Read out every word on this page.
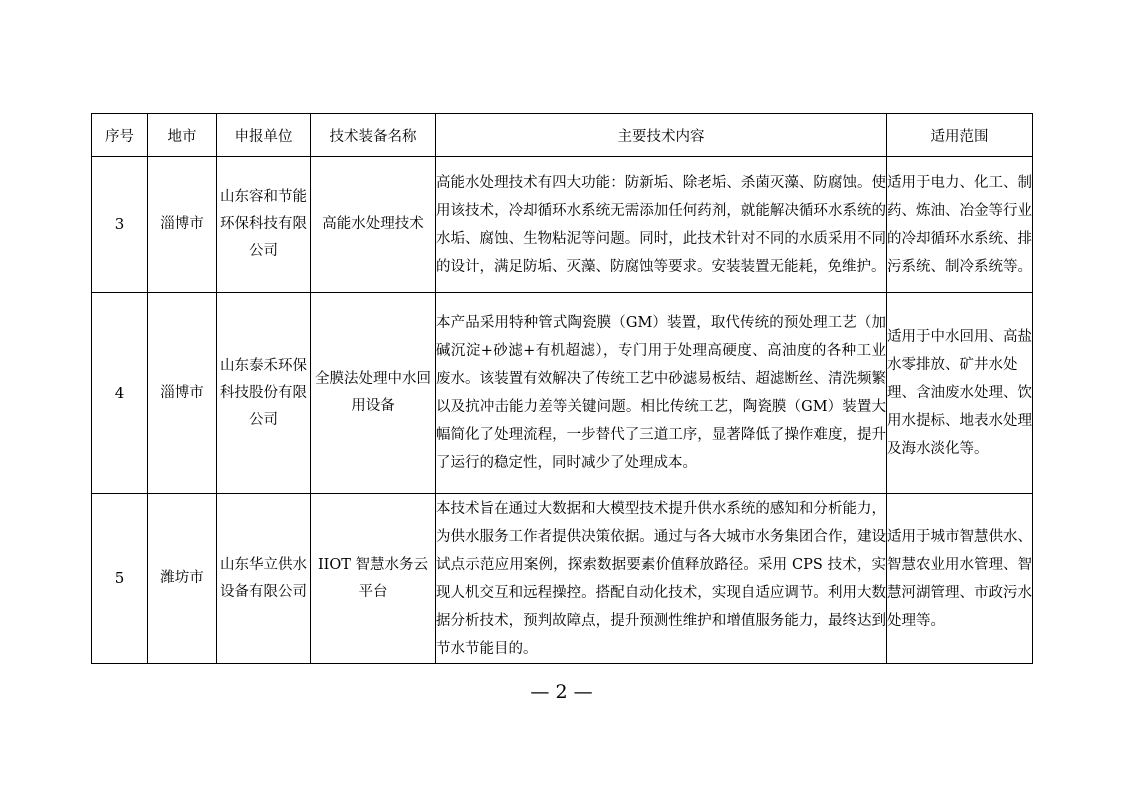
序号	地市	申报单位	技术装备名称	主要技术内容	适用范围
3	淄博市	山东容和节能环保科技有限公司	高能水处理技术	高能水处理技术有四大功能：防新垢、除老垢、杀菌灭藻、防腐蚀。使用该技术，冷却循环水系统无需添加任何药剂，就能解决循环水系统的水垢、腐蚀、生物粘泥等问题。同时，此技术针对不同的水质采用不同的设计，满足防垢、灭藻、防腐蚀等要求。安装装置无能耗，免维护。	适用于电力、化工、制药、炼油、冶金等行业的冷却循环水系统、排污系统、制冷系统等。
4	淄博市	山东泰禾环保科技股份有限公司	全膜法处理中水回用设备	本产品采用特种管式陶瓷膜（GM）装置，取代传统的预处理工艺（加碱沉淀+砂滤+有机超滤），专门用于处理高硬度、高油度的各种工业废水。该装置有效解决了传统工艺中砂滤易板结、超滤断丝、清洗频繁以及抗冲击能力差等关键问题。相比传统工艺，陶瓷膜（GM）装置大幅简化了处理流程，一步替代了三道工序，显著降低了操作难度，提升了运行的稳定性，同时减少了处理成本。	适用于中水回用、高盐水零排放、矿井水处理、含油废水处理、饮用水提标、地表水处理及海水淡化等。
5	潍坊市	山东华立供水设备有限公司	IIOT 智慧水务云平台	本技术旨在通过大数据和大模型技术提升供水系统的感知和分析能力，为供水服务工作者提供决策依据。通过与各大城市水务集团合作，建设试点示范应用案例，探索数据要素价值释放路径。采用 CPS 技术，实现人机交互和远程操控。搭配自动化技术，实现自适应调节。利用大数据分析技术，预判故障点，提升预测性维护和增值服务能力，最终达到节水节能目的。	适用于城市智慧供水、智慧农业用水管理、智慧河湖管理、市政污水处理等。
— 2 —
